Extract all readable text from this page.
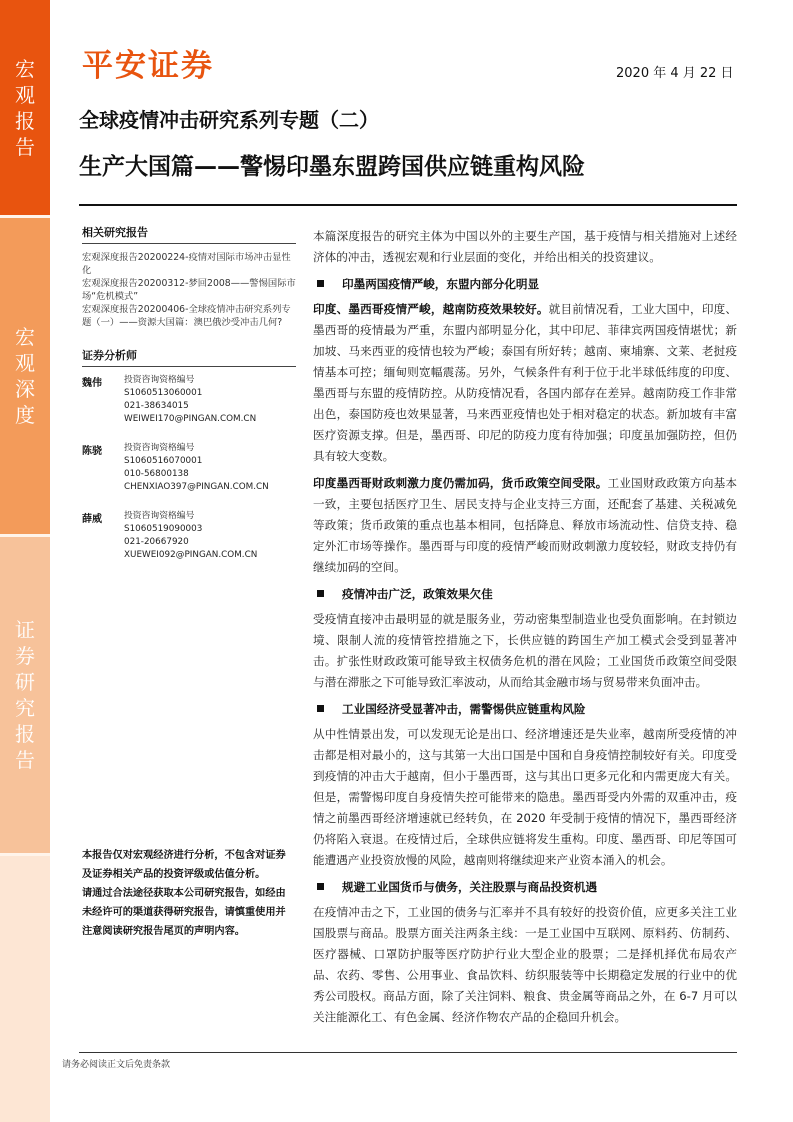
宏
观
报
告
宏
观
深
度
证
券
研
究
报
告
平安证券	2020 年 4 月 22 日
全球疫情冲击研究系列专题（二）
生产大国篇——警惕印墨东盟跨国供应链重构风险
相关研究报告
宏观深度报告20200224-疫情对国际市场冲击显性化
宏观深度报告20200312-梦回2008——警惕国际市场“危机模式”
宏观深度报告20200406-全球疫情冲击研究系列专题（一）——资源大国篇：澳巴俄沙受冲击几何?
证券分析师
魏伟	投资咨询资格编号
S1060513060001
021-38634015
WEIWEI170@PINGAN.COM.CN
陈骁	投资咨询资格编号
S1060516070001
010-56800138
CHENXIAO397@PINGAN.COM.CN
薛威	投资咨询资格编号
S1060519090003
021-20667920
XUEWEI092@PINGAN.COM.CN

本报告仅对宏观经济进行分析，不包含对证券及证券相关产品的投资评级或估值分析。

请通过合法途径获取本公司研究报告，如经由未经许可的渠道获得研究报告，请慎重使用并注意阅读研究报告尾页的声明内容。

本篇深度报告的研究主体为中国以外的主要生产国，基于疫情与相关措施对上述经济体的冲击，透视宏观和行业层面的变化，并给出相关的投资建议。

印墨两国疫情严峻，东盟内部分化明显

印度、墨西哥疫情严峻，越南防疫效果较好。就目前情况看，工业大国中，印度、墨西哥的疫情最为严重，东盟内部明显分化，其中印尼、菲律宾两国疫情堪忧；新加坡、马来西亚的疫情也较为严峻；泰国有所好转；越南、柬埔寨、文莱、老挝疫情基本可控；缅甸则宽幅震荡。另外，气候条件有利于位于北半球低纬度的印度、墨西哥与东盟的疫情防控。从防疫情况看，各国内部存在差异。越南防疫工作非常出色，泰国防疫也效果显著，马来西亚疫情也处于相对稳定的状态。新加坡有丰富医疗资源支撑。但是，墨西哥、印尼的防疫力度有待加强；印度虽加强防控，但仍具有较大变数。

印度墨西哥财政刺激力度仍需加码，货币政策空间受限。工业国财政政策方向基本一致，主要包括医疗卫生、居民支持与企业支持三方面，还配套了基建、关税减免等政策；货币政策的重点也基本相同，包括降息、释放市场流动性、信贷支持、稳定外汇市场等操作。墨西哥与印度的疫情严峻而财政刺激力度较轻，财政支持仍有继续加码的空间。

疫情冲击广泛，政策效果欠佳

受疫情直接冲击最明显的就是服务业，劳动密集型制造业也受负面影响。在封锁边境、限制人流的疫情管控措施之下，长供应链的跨国生产加工模式会受到显著冲击。扩张性财政政策可能导致主权债务危机的潜在风险；工业国货币政策空间受限与潜在滞胀之下可能导致汇率波动，从而给其金融市场与贸易带来负面冲击。

工业国经济受显著冲击，需警惕供应链重构风险

从中性情景出发，可以发现无论是出口、经济增速还是失业率，越南所受疫情的冲击都是相对最小的，这与其第一大出口国是中国和自身疫情控制较好有关。印度受到疫情的冲击大于越南，但小于墨西哥，这与其出口更多元化和内需更庞大有关。但是，需警惕印度自身疫情失控可能带来的隐患。墨西哥受内外需的双重冲击，疫情之前墨西哥经济增速就已经转负，在 2020 年受制于疫情的情况下，墨西哥经济仍将陷入衰退。在疫情过后，全球供应链将发生重构。印度、墨西哥、印尼等国可能遭遇产业投资放慢的风险，越南则将继续迎来产业资本涌入的机会。

规避工业国货币与债务，关注股票与商品投资机遇

在疫情冲击之下，工业国的债务与汇率并不具有较好的投资价值，应更多关注工业国股票与商品。股票方面关注两条主线：一是工业国中互联网、原料药、仿制药、医疗器械、口罩防护服等医疗防护行业大型企业的股票；二是择机择优布局农产品、农药、零售、公用事业、食品饮料、纺织服装等中长期稳定发展的行业中的优秀公司股权。商品方面，除了关注饲料、粮食、贵金属等商品之外，在 6-7 月可以关注能源化工、有色金属、经济作物农产品的企稳回升机会。

请务必阅读正文后免责条款
